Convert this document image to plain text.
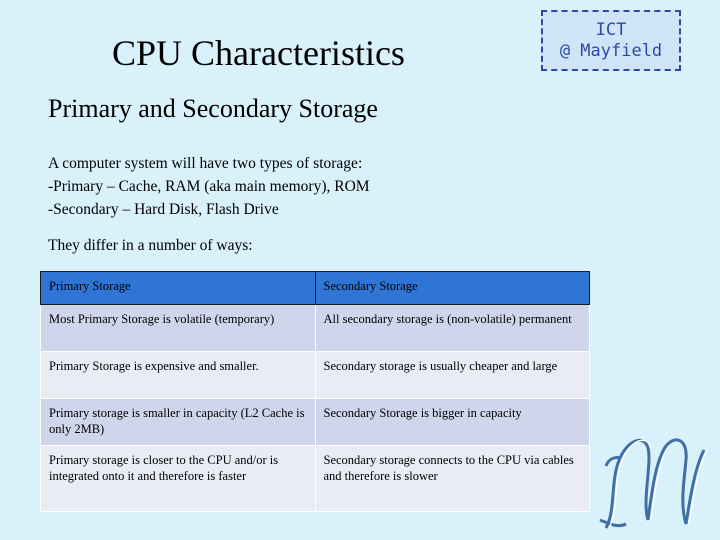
CPU Characteristics
ICT
@ Mayfield
Primary and Secondary Storage
A computer system will have two types of storage:
-Primary – Cache, RAM (aka main memory), ROM
-Secondary – Hard Disk, Flash Drive
They differ in a number of ways:
Primary Storage	Secondary Storage
Most Primary Storage is volatile (temporary)	All secondary storage is (non-volatile) permanent
Primary Storage is expensive and smaller.	Secondary storage is usually cheaper and large
Primary storage is smaller in capacity (L2 Cache is only 2MB)	Secondary Storage is bigger in capacity
Primary storage is closer to the CPU and/or is integrated onto it and therefore is faster	Secondary storage connects to the CPU via cables and therefore is slower
